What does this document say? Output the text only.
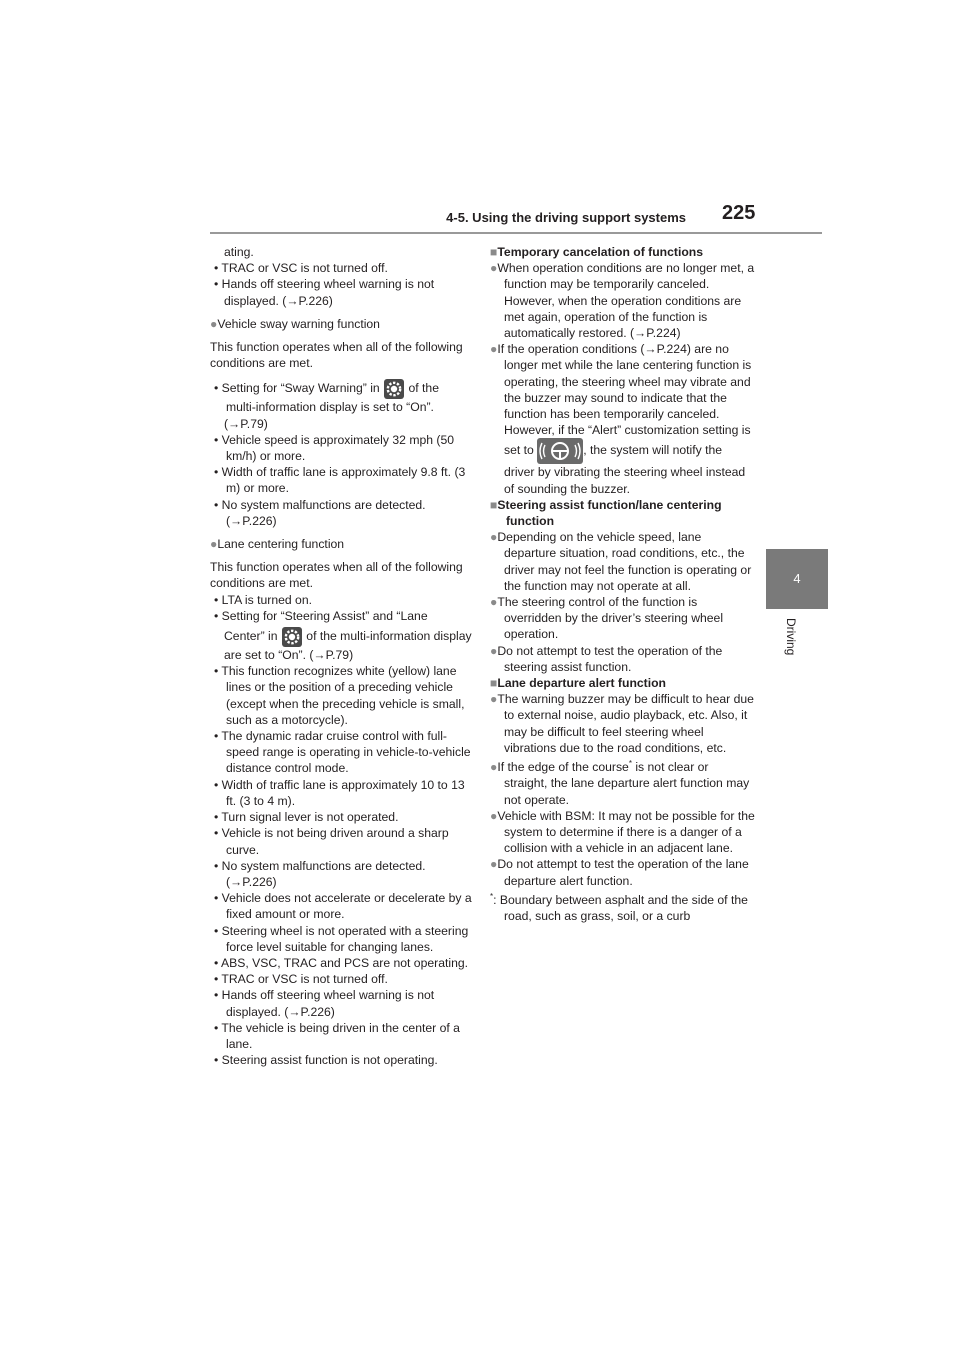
4-5. Using the driving support systems 225
4
Driving

ating.

• TRAC or VSC is not turned off.

• Hands off steering wheel warning is not

displayed. (→P.226)

●Vehicle sway warning function

This function operates when all of the following conditions are met.

• Setting for “Sway Warning” in of the multi-information display is set to “On”.

(→P.79)

• Vehicle speed is approximately 32 mph (50 km/h) or more.

• Width of traffic lane is approximately 9.8 ft. (3 m) or more.

• No system malfunctions are detected. (→P.226)

●Lane centering function

This function operates when all of the following conditions are met.

• LTA is turned on.

• Setting for “Steering Assist” and “Lane

Center” in of the multi-information display are set to “On”. (→P.79)

• This function recognizes white (yellow) lane lines or the position of a preceding vehicle (except when the preceding vehicle is small, such as a motorcycle).

• The dynamic radar cruise control with full-speed range is operating in vehicle-to-vehicle distance control mode.

• Width of traffic lane is approximately 10 to 13 ft. (3 to 4 m).

• Turn signal lever is not operated.

• Vehicle is not being driven around a sharp curve.

• No system malfunctions are detected. (→P.226)

• Vehicle does not accelerate or decelerate by a fixed amount or more.

• Steering wheel is not operated with a steering force level suitable for changing lanes.

• ABS, VSC, TRAC and PCS are not operating.

• TRAC or VSC is not turned off.

• Hands off steering wheel warning is not displayed. (→P.226)

• The vehicle is being driven in the center of a lane.

• Steering assist function is not operating.

■Temporary cancelation of functions

●When operation conditions are no longer met, a function may be temporarily canceled. However, when the operation conditions are met again, operation of the function is automatically restored. (→P.224)

●If the operation conditions (→P.224) are no longer met while the lane centering function is operating, the steering wheel may vibrate and the buzzer may sound to indicate that the function has been temporarily canceled. However, if the “Alert” customization setting is set to	, the system will notify the driver by vibrating the steering wheel instead of sounding the buzzer.

■Steering assist function/lane centering function

●Depending on the vehicle speed, lane departure situation, road conditions, etc., the driver may not feel the function is operating or the function may not operate at all.

●The steering control of the function is overridden by the driver’s steering wheel operation.

●Do not attempt to test the operation of the steering assist function.

■Lane departure alert function

●The warning buzzer may be difficult to hear due to external noise, audio playback, etc. Also, it may be difficult to feel steering wheel vibrations due to the road conditions, etc.

●If the edge of the course* is not clear or straight, the lane departure alert function may not operate.

●Vehicle with BSM: It may not be possible for the system to determine if there is a danger of a collision with a vehicle in an adjacent lane.

●Do not attempt to test the operation of the lane departure alert function.

*: Boundary between asphalt and the side of the road, such as grass, soil, or a curb
